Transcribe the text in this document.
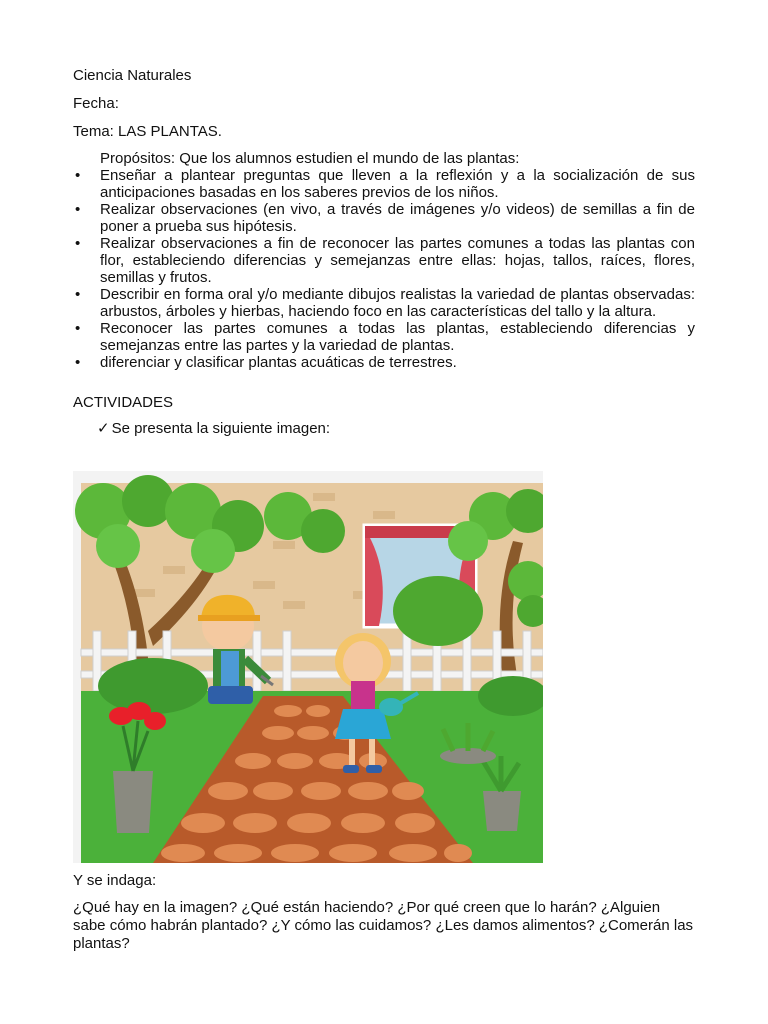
Ciencia Naturales
Fecha:
Tema: LAS PLANTAS.
Propósitos: Que los alumnos estudien el mundo de las plantas:
• Enseñar a plantear preguntas que lleven a la reflexión y a la socialización de sus anticipaciones basadas en los saberes previos de los niños.
• Realizar observaciones (en vivo, a través de imágenes y/o videos) de semillas a fin de poner a prueba sus hipótesis.
• Realizar observaciones a fin de reconocer las partes comunes a todas las plantas con flor, estableciendo diferencias y semejanzas entre ellas: hojas, tallos, raíces, flores, semillas y frutos.
• Describir en forma oral y/o mediante dibujos realistas la variedad de plantas observadas: arbustos, árboles y hierbas, haciendo foco en las características del tallo y la altura.
• Reconocer las partes comunes a todas las plantas, estableciendo diferencias y semejanzas entre las partes y la variedad de plantas.
• diferenciar y clasificar plantas acuáticas de terrestres.
ACTIVIDADES
✓ Se presenta la siguiente imagen:
Y se indaga:
¿Qué hay en la imagen? ¿Qué están haciendo? ¿Por qué creen que lo harán? ¿Alguien sabe cómo habrán plantado? ¿Y cómo las cuidamos? ¿Les damos alimentos? ¿Comerán las plantas?
